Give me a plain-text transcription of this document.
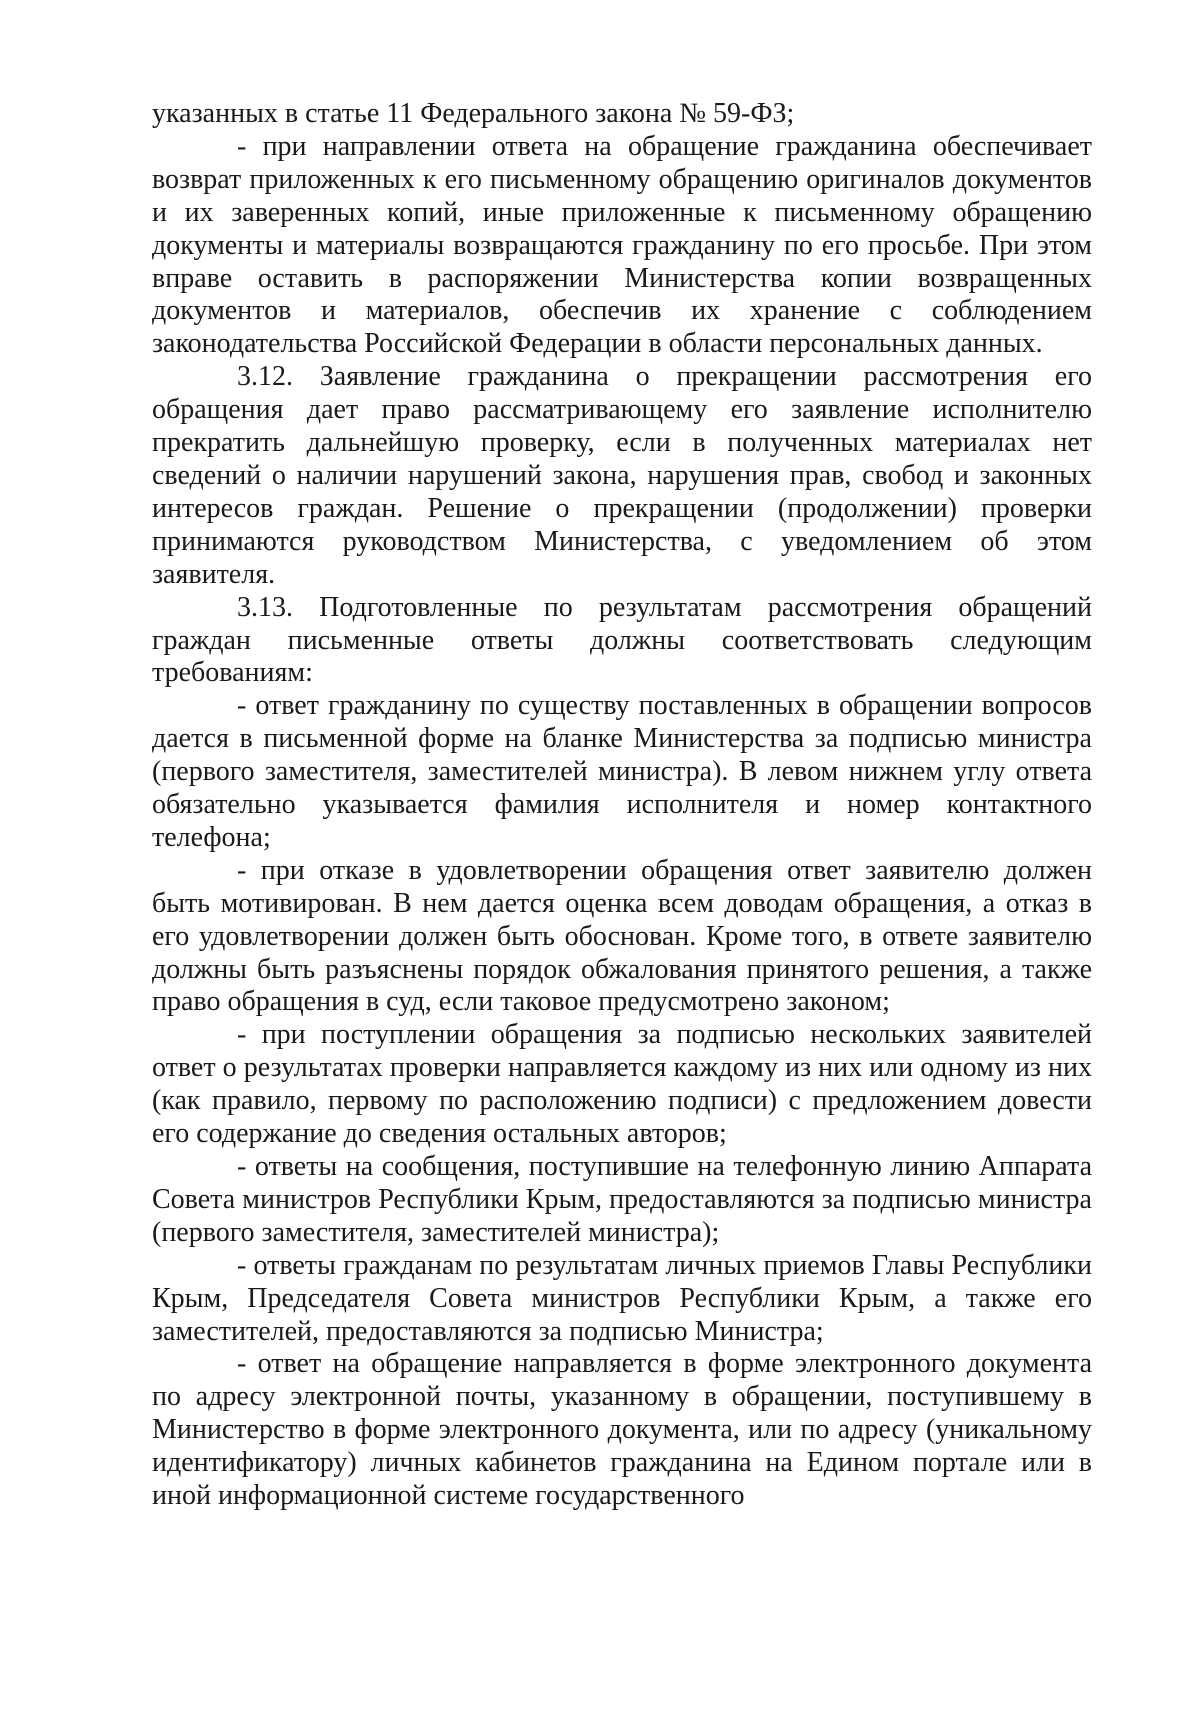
указанных в статье 11 Федерального закона № 59-ФЗ;

- при направлении ответа на обращение гражданина обеспечивает возврат приложенных к его письменному обращению оригиналов документов и их заверенных копий, иные приложенные к письменному обращению документы и материалы возвращаются гражданину по его просьбе. При этом вправе оставить в распоряжении Министерства копии возвращенных документов и материалов, обеспечив их хранение с соблюдением законодательства Российской Федерации в области персональных данных.

3.12. Заявление гражданина о прекращении рассмотрения его обращения дает право рассматривающему его заявление исполнителю прекратить дальнейшую проверку, если в полученных материалах нет сведений о наличии нарушений закона, нарушения прав, свобод и законных интересов граждан. Решение о прекращении (продолжении) проверки принимаются руководством Министерства, с уведомлением об этом заявителя.

3.13. Подготовленные по результатам рассмотрения обращений граждан письменные ответы должны соответствовать следующим требованиям:

- ответ гражданину по существу поставленных в обращении вопросов дается в письменной форме на бланке Министерства за подписью министра (первого заместителя, заместителей министра). В левом нижнем углу ответа обязательно указывается фамилия исполнителя и номер контактного телефона;

- при отказе в удовлетворении обращения ответ заявителю должен быть мотивирован. В нем дается оценка всем доводам обращения, а отказ в его удовлетворении должен быть обоснован. Кроме того, в ответе заявителю должны быть разъяснены порядок обжалования принятого решения, а также право обращения в суд, если таковое предусмотрено законом;

- при поступлении обращения за подписью нескольких заявителей ответ о результатах проверки направляется каждому из них или одному из них (как правило, первому по расположению подписи) с предложением довести его содержание до сведения остальных авторов;

- ответы на сообщения, поступившие на телефонную линию Аппарата Совета министров Республики Крым, предоставляются за подписью министра (первого заместителя, заместителей министра);

- ответы гражданам по результатам личных приемов Главы Республики Крым, Председателя Совета министров Республики Крым, а также его заместителей, предоставляются за подписью Министра;

- ответ на обращение направляется в форме электронного документа по адресу электронной почты, указанному в обращении, поступившему в Министерство в форме электронного документа, или по адресу (уникальному идентификатору) личных кабинетов гражданина на Едином портале или в иной информационной системе государственного
